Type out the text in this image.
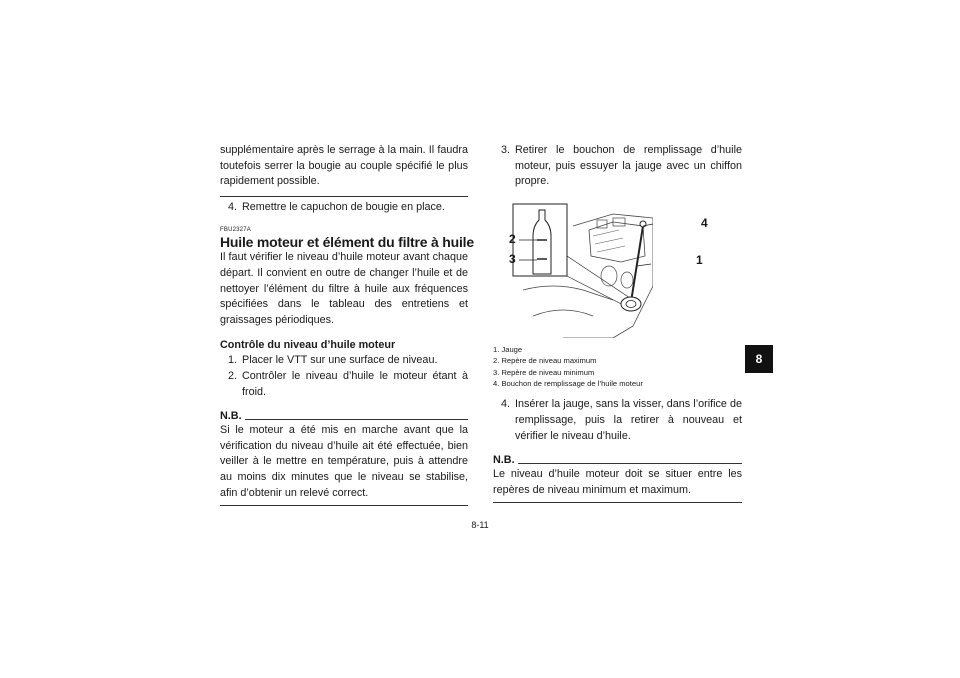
supplémentaire après le serrage à la main. Il faudra toutefois serrer la bougie au couple spécifié le plus rapidement possible.

4. Remettre le capuchon de bougie en place.
FBU2327A
Huile moteur et élément du filtre à huile

Il faut vérifier le niveau d’huile moteur avant chaque départ. Il convient en outre de changer l’huile et de nettoyer l’élément du filtre à huile aux fréquences spécifiées dans le tableau des entretiens et graissages périodiques.

Contrôle du niveau d’huile moteur
1. Placer le VTT sur une surface de niveau.
2. Contrôler le niveau d’huile le moteur étant à froid.
N.B.

Si le moteur a été mis en marche avant que la vérification du niveau d’huile ait été effectuée, bien veiller à le mettre en température, puis à attendre au moins dix minutes que le niveau se stabilise, afin d’obtenir un relevé correct.

3. Retirer le bouchon de remplissage d’huile moteur, puis essuyer la jauge avec un chiffon propre.
2
3
4
1
1. Jauge
2. Repère de niveau maximum
3. Repère de niveau minimum
4. Bouchon de remplissage de l’huile moteur
4. Insérer la jauge, sans la visser, dans l’orifice de remplissage, puis la retirer à nouveau et vérifier le niveau d’huile.
N.B.

Le niveau d’huile moteur doit se situer entre les repères de niveau minimum et maximum.

8
8-11
